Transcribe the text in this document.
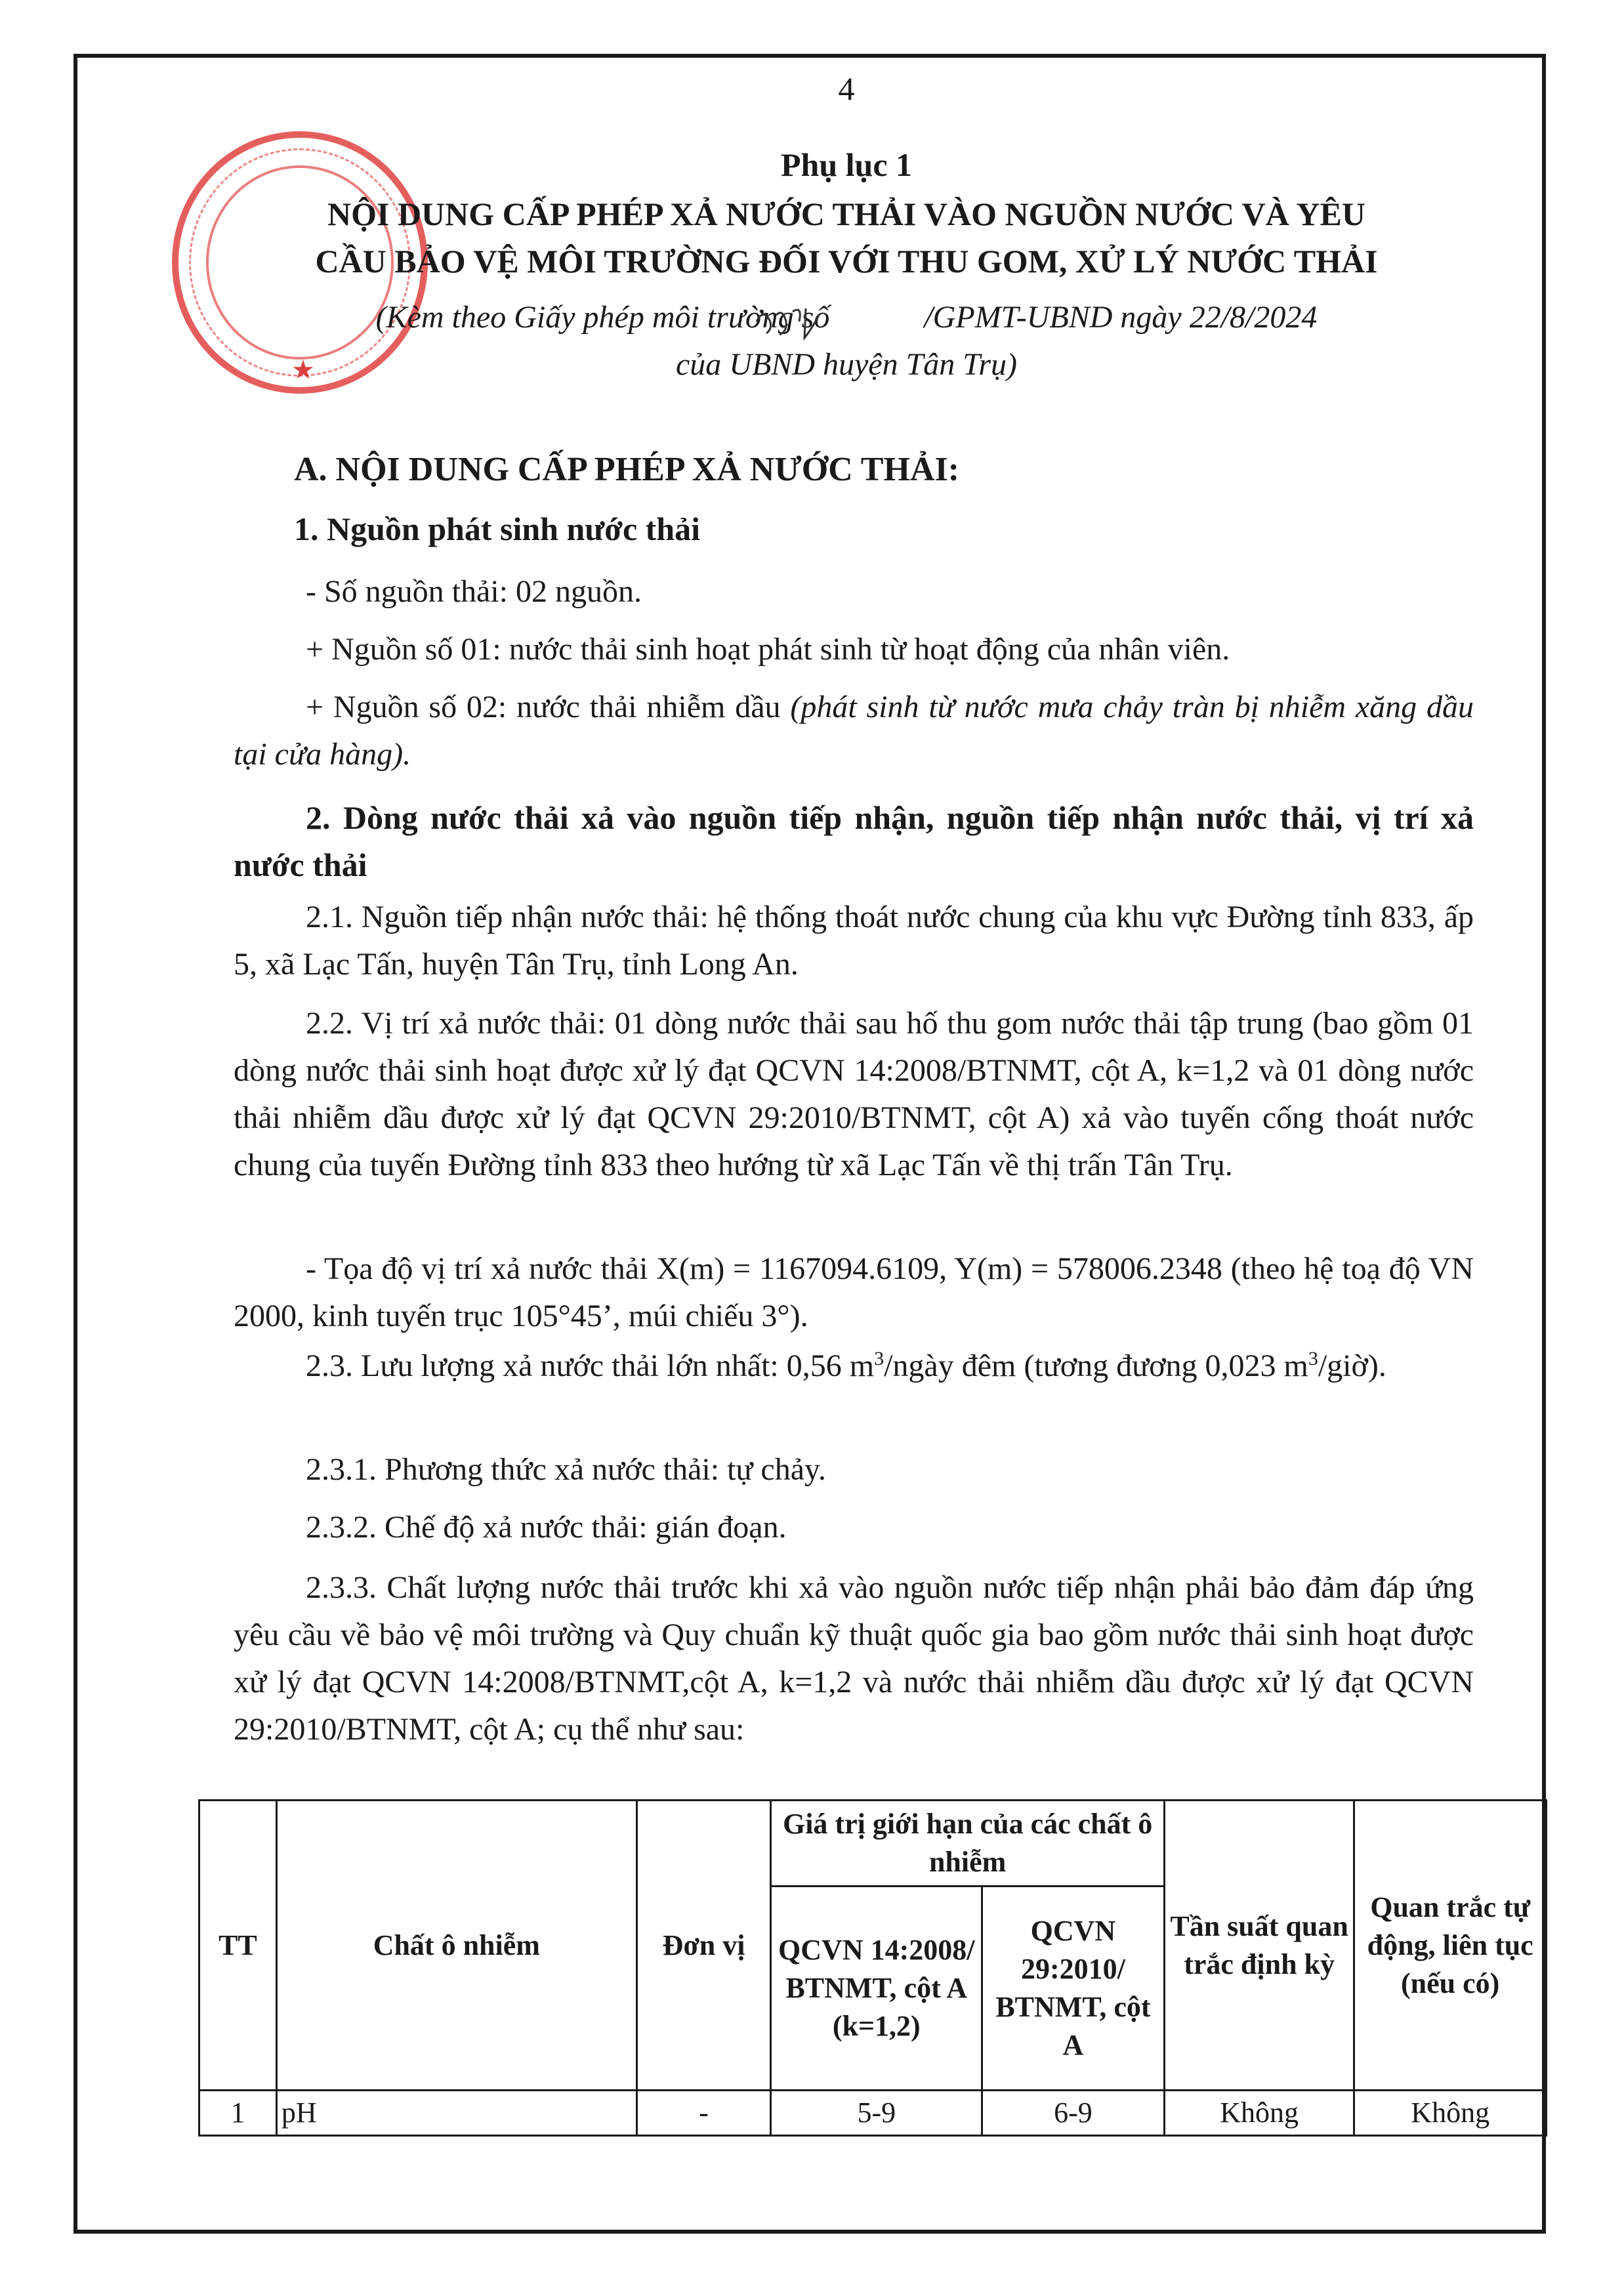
4
★
Phụ lục 1
NỘI DUNG CẤP PHÉP XẢ NƯỚC THẢI VÀO NGUỒN NƯỚC VÀ YÊU
CẦU BẢO VỆ MÔI TRƯỜNG ĐỐI VỚI THU GOM, XỬ LÝ NƯỚC THẢI
(Kèm theo Giấy phép môi trường số	/GPMT-UBND ngày 22/8/2024
của UBND huyện Tân Trụ)
A. NỘI DUNG CẤP PHÉP XẢ NƯỚC THẢI:
1. Nguồn phát sinh nước thải
- Số nguồn thải: 02 nguồn.
+ Nguồn số 01: nước thải sinh hoạt phát sinh từ hoạt động của nhân viên.
+ Nguồn số 02: nước thải nhiễm dầu (phát sinh từ nước mưa chảy tràn bị nhiễm xăng dầu tại cửa hàng).
2. Dòng nước thải xả vào nguồn tiếp nhận, nguồn tiếp nhận nước thải, vị trí xả nước thải
2.1. Nguồn tiếp nhận nước thải: hệ thống thoát nước chung của khu vực Đường tỉnh 833, ấp 5, xã Lạc Tấn, huyện Tân Trụ, tỉnh Long An.
2.2. Vị trí xả nước thải: 01 dòng nước thải sau hố thu gom nước thải tập trung (bao gồm 01 dòng nước thải sinh hoạt được xử lý đạt QCVN 14:2008/BTNMT, cột A, k=1,2 và 01 dòng nước thải nhiễm dầu được xử lý đạt QCVN 29:2010/BTNMT, cột A) xả vào tuyến cống thoát nước chung của tuyến Đường tỉnh 833 theo hướng từ xã Lạc Tấn về thị trấn Tân Trụ.
- Tọa độ vị trí xả nước thải X(m) = 1167094.6109, Y(m) = 578006.2348 (theo hệ toạ độ VN 2000, kinh tuyến trục 105°45’, múi chiếu 3°).
2.3. Lưu lượng xả nước thải lớn nhất: 0,56 $m^3$/ngày đêm (tương đương 0,023 $m^3/giờ$).
2.3.1. Phương thức xả nước thải: tự chảy.
2.3.2. Chế độ xả nước thải: gián đoạn.
2.3.3. Chất lượng nước thải trước khi xả vào nguồn nước tiếp nhận phải bảo đảm đáp ứng yêu cầu về bảo vệ môi trường và Quy chuẩn kỹ thuật quốc gia bao gồm nước thải sinh hoạt được xử lý đạt QCVN 14:2008/BTNMT,cột A, k=1,2 và nước thải nhiễm dầu được xử lý đạt QCVN 29:2010/BTNMT, cột A; cụ thể như sau:
TT	Chất ô nhiễm	Đơn vị	Giá trị giới hạn của các chất ô nhiễm		Tần suất quan trắc định kỳ	Quan trắc tự động, liên tục (nếu có)
			QCVN 14:2008/ BTNMT, cột A (k=1,2)	QCVN 29:2010/ BTNMT, cột A		
1	pH	-	5-9	6-9	Không	Không
